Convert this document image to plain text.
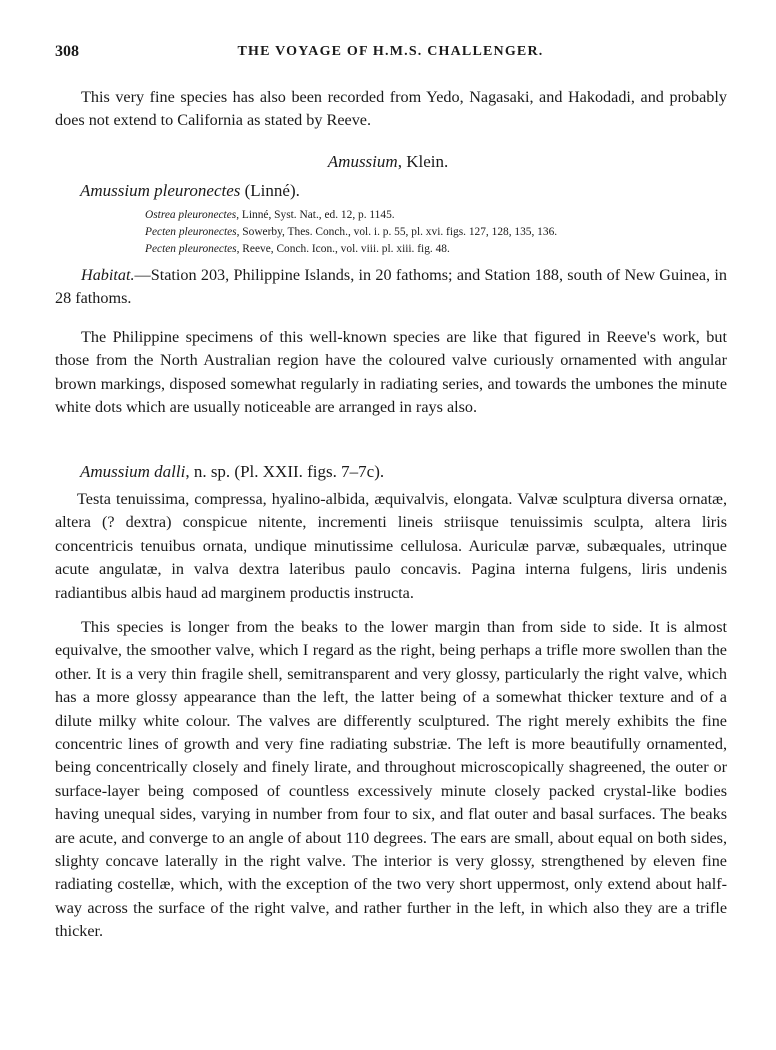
308	THE VOYAGE OF H.M.S. CHALLENGER.

This very fine species has also been recorded from Yedo, Nagasaki, and Hakodadi, and probably does not extend to California as stated by Reeve.

Amussium, Klein.
Amussium pleuronectes (Linné).
Ostrea pleuronectes, Linné, Syst. Nat., ed. 12, p. 1145.
Pecten pleuronectes, Sowerby, Thes. Conch., vol. i. p. 55, pl. xvi. figs. 127, 128, 135, 136.
Pecten pleuronectes, Reeve, Conch. Icon., vol. viii. pl. xiii. fig. 48.

Habitat.—Station 203, Philippine Islands, in 20 fathoms; and Station 188, south of New Guinea, in 28 fathoms.

The Philippine specimens of this well-known species are like that figured in Reeve's work, but those from the North Australian region have the coloured valve curiously ornamented with angular brown markings, disposed somewhat regularly in radiating series, and towards the umbones the minute white dots which are usually noticeable are arranged in rays also.

Amussium dalli, n. sp. (Pl. XXII. figs. 7–7c).

Testa tenuissima, compressa, hyalino-albida, æquivalvis, elongata. Valvæ sculptura diversa ornatæ, altera (? dextra) conspicue nitente, incrementi lineis striisque tenuissimis sculpta, altera liris concentricis tenuibus ornata, undique minutissime cellulosa. Auriculæ parvæ, subæquales, utrinque acute angulatæ, in valva dextra lateribus paulo concavis. Pagina interna fulgens, liris undenis radiantibus albis haud ad marginem productis instructa.

This species is longer from the beaks to the lower margin than from side to side. It is almost equivalve, the smoother valve, which I regard as the right, being perhaps a trifle more swollen than the other. It is a very thin fragile shell, semitransparent and very glossy, particularly the right valve, which has a more glossy appearance than the left, the latter being of a somewhat thicker texture and of a dilute milky white colour. The valves are differently sculptured. The right merely exhibits the fine concentric lines of growth and very fine radiating substriæ. The left is more beautifully ornamented, being concentrically closely and finely lirate, and throughout microscopically shagreened, the outer or surface-layer being composed of countless excessively minute closely packed crystal-like bodies having unequal sides, varying in number from four to six, and flat outer and basal surfaces. The beaks are acute, and converge to an angle of about 110 degrees. The ears are small, about equal on both sides, slighty concave laterally in the right valve. The interior is very glossy, strengthened by eleven fine radiating costellæ, which, with the exception of the two very short uppermost, only extend about half-way across the surface of the right valve, and rather further in the left, in which also they are a trifle thicker.
